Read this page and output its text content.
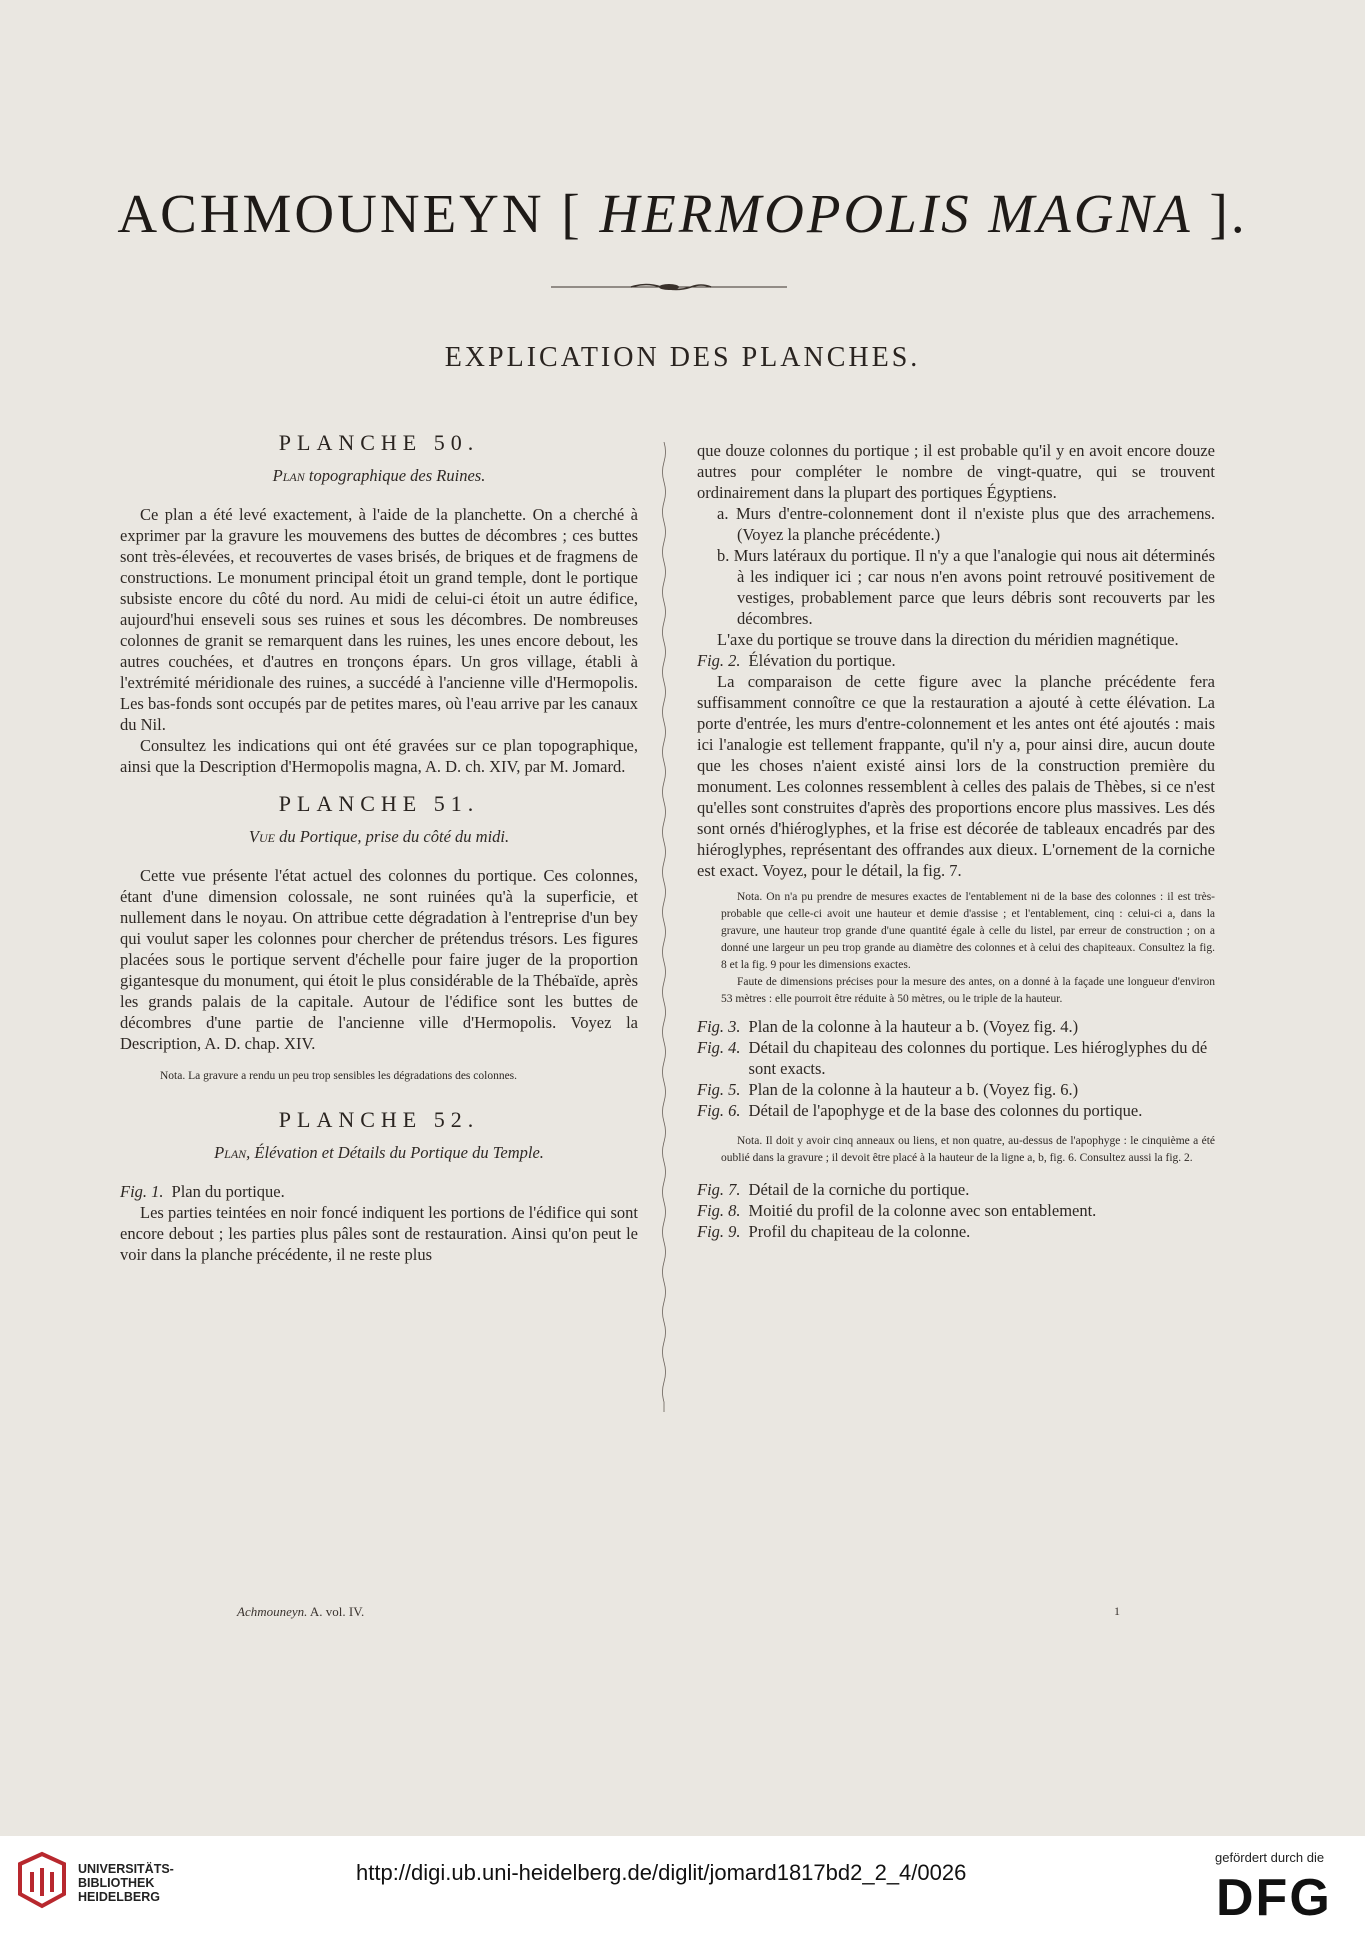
ACHMOUNEYN [ HERMOPOLIS MAGNA ].
EXPLICATION DES PLANCHES.
PLANCHE 50.
Plan topographique des Ruines.

Ce plan a été levé exactement, à l'aide de la planchette. On a cherché à exprimer par la gravure les mouvemens des buttes de décombres ; ces buttes sont très-élevées, et recouvertes de vases brisés, de briques et de fragmens de constructions. Le monument principal étoit un grand temple, dont le portique subsiste encore du côté du nord. Au midi de celui-ci étoit un autre édifice, aujourd'hui enseveli sous ses ruines et sous les décombres. De nombreuses colonnes de granit se remarquent dans les ruines, les unes encore debout, les autres couchées, et d'autres en tronçons épars. Un gros village, établi à l'extrémité méridionale des ruines, a succédé à l'ancienne ville d'Hermopolis. Les bas-fonds sont occupés par de petites mares, où l'eau arrive par les canaux du Nil.

Consultez les indications qui ont été gravées sur ce plan topographique, ainsi que la Description d'Hermopolis magna, A. D. ch. XIV, par M. Jomard.

PLANCHE 51.
Vue du Portique, prise du côté du midi.

Cette vue présente l'état actuel des colonnes du portique. Ces colonnes, étant d'une dimension colossale, ne sont ruinées qu'à la superficie, et nullement dans le noyau. On attribue cette dégradation à l'entreprise d'un bey qui voulut saper les colonnes pour chercher de prétendus trésors. Les figures placées sous le portique servent d'échelle pour faire juger de la proportion gigantesque du monument, qui étoit le plus considérable de la Thébaïde, après les grands palais de la capitale. Autour de l'édifice sont les buttes de décombres d'une partie de l'ancienne ville d'Hermopolis. Voyez la Description, A. D. chap. XIV.

Nota. La gravure a rendu un peu trop sensibles les dégradations des colonnes.

PLANCHE 52.
Plan, Élévation et Détails du Portique du Temple.
Fig. 1. Plan du portique.

Les parties teintées en noir foncé indiquent les portions de l'édifice qui sont encore debout ; les parties plus pâles sont de restauration. Ainsi qu'on peut le voir dans la planche précédente, il ne reste plus

que douze colonnes du portique ; il est probable qu'il y en avoit encore douze autres pour compléter le nombre de vingt-quatre, qui se trouvent ordinairement dans la plupart des portiques Égyptiens.

a. Murs d'entre-colonnement dont il n'existe plus que des arrachemens. (Voyez la planche précédente.)

b. Murs latéraux du portique. Il n'y a que l'analogie qui nous ait déterminés à les indiquer ici ; car nous n'en avons point retrouvé positivement de vestiges, probablement parce que leurs débris sont recouverts par les décombres.

L'axe du portique se trouve dans la direction du méridien magnétique.

Fig. 2. Élévation du portique.

La comparaison de cette figure avec la planche précédente fera suffisamment connoître ce que la restauration a ajouté à cette élévation. La porte d'entrée, les murs d'entre-colonnement et les antes ont été ajoutés : mais ici l'analogie est tellement frappante, qu'il n'y a, pour ainsi dire, aucun doute que les choses n'aient existé ainsi lors de la construction première du monument. Les colonnes ressemblent à celles des palais de Thèbes, si ce n'est qu'elles sont construites d'après des proportions encore plus massives. Les dés sont ornés d'hiéroglyphes, et la frise est décorée de tableaux encadrés par des hiéroglyphes, représentant des offrandes aux dieux. L'ornement de la corniche est exact. Voyez, pour le détail, la fig. 7.

Nota. On n'a pu prendre de mesures exactes de l'entablement ni de la base des colonnes : il est très-probable que celle-ci avoit une hauteur et demie d'assise ; et l'entablement, cinq : celui-ci a, dans la gravure, une hauteur trop grande d'une quantité égale à celle du listel, par erreur de construction ; on a donné une largeur un peu trop grande au diamètre des colonnes et à celui des chapiteaux. Consultez la fig. 8 et la fig. 9 pour les dimensions exactes.

Faute de dimensions précises pour la mesure des antes, on a donné à la façade une longueur d'environ 53 mètres : elle pourroit être réduite à 50 mètres, ou le triple de la hauteur.

Fig. 3. Plan de la colonne à la hauteur a b. (Voyez fig. 4.)
Fig. 4. Détail du chapiteau des colonnes du portique. Les hiéroglyphes du dé sont exacts.
Fig. 5. Plan de la colonne à la hauteur a b. (Voyez fig. 6.)
Fig. 6. Détail de l'apophyge et de la base des colonnes du portique.

Nota. Il doit y avoir cinq anneaux ou liens, et non quatre, au-dessus de l'apophyge : le cinquième a été oublié dans la gravure ; il devoit être placé à la hauteur de la ligne a, b, fig. 6. Consultez aussi la fig. 2.

Fig. 7. Détail de la corniche du portique.
Fig. 8. Moitié du profil de la colonne avec son entablement.
Fig. 9. Profil du chapiteau de la colonne.
Achmouneyn. A. vol. IV.	1
UNIVERSITÄTS-
BIBLIOTHEK
HEIDELBERG
http://digi.ub.uni-heidelberg.de/diglit/jomard1817bd2_2_4/0026
gefördert durch die
DFG
